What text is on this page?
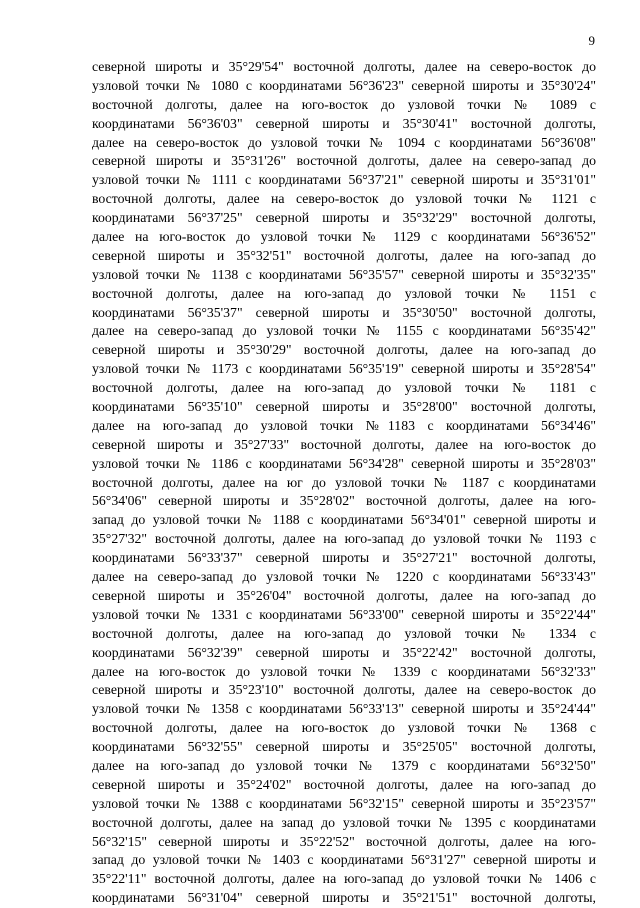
9
северной широты и 35°29'54" восточной долготы, далее на северо-восток до
узловой точки № 1080 с координатами 56°36'23" северной широты и 35°30'24"
восточной долготы, далее на юго-восток до узловой точки № 1089 с
координатами 56°36'03" северной широты и 35°30'41" восточной долготы,
далее на северо-восток до узловой точки № 1094 с координатами 56°36'08"
северной широты и 35°31'26" восточной долготы, далее на северо-запад до
узловой точки № 1111 с координатами 56°37'21" северной широты и 35°31'01"
восточной долготы, далее на северо-восток до узловой точки № 1121 с
координатами 56°37'25" северной широты и 35°32'29" восточной долготы,
далее на юго-восток до узловой точки № 1129 с координатами 56°36'52"
северной широты и 35°32'51" восточной долготы, далее на юго-запад до
узловой точки № 1138 с координатами 56°35'57" северной широты и 35°32'35"
восточной долготы, далее на юго-запад до узловой точки № 1151 с
координатами 56°35'37" северной широты и 35°30'50" восточной долготы,
далее на северо-запад до узловой точки № 1155 с координатами 56°35'42"
северной широты и 35°30'29" восточной долготы, далее на юго-запад до
узловой точки № 1173 с координатами 56°35'19" северной широты и 35°28'54"
восточной долготы, далее на юго-запад до узловой точки № 1181 с
координатами 56°35'10" северной широты и 35°28'00" восточной долготы,
далее на юго-запад до узловой точки №1183 с координатами 56°34'46"
северной широты и 35°27'33" восточной долготы, далее на юго-восток до
узловой точки № 1186 с координатами 56°34'28" северной широты и 35°28'03"
восточной долготы, далее на юг до узловой точки № 1187 с координатами
56°34'06" северной широты и 35°28'02" восточной долготы, далее на юго-
запад до узловой точки № 1188 с координатами 56°34'01" северной широты и
35°27'32" восточной долготы, далее на юго-запад до узловой точки № 1193 с
координатами 56°33'37" северной широты и 35°27'21" восточной долготы,
далее на северо-запад до узловой точки № 1220 с координатами 56°33'43"
северной широты и 35°26'04" восточной долготы, далее на юго-запад до
узловой точки № 1331 с координатами 56°33'00" северной широты и 35°22'44"
восточной долготы, далее на юго-запад до узловой точки № 1334 с
координатами 56°32'39" северной широты и 35°22'42" восточной долготы,
далее на юго-восток до узловой точки № 1339 с координатами 56°32'33"
северной широты и 35°23'10" восточной долготы, далее на северо-восток до
узловой точки № 1358 с координатами 56°33'13" северной широты и 35°24'44"
восточной долготы, далее на юго-восток до узловой точки № 1368 с
координатами 56°32'55" северной широты и 35°25'05" восточной долготы,
далее на юго-запад до узловой точки № 1379 с координатами 56°32'50"
северной широты и 35°24'02" восточной долготы, далее на юго-запад до
узловой точки № 1388 с координатами 56°32'15" северной широты и 35°23'57"
восточной долготы, далее на запад до узловой точки № 1395 с координатами
56°32'15" северной широты и 35°22'52" восточной долготы, далее на юго-
запад до узловой точки № 1403 с координатами 56°31'27" северной широты и
35°22'11" восточной долготы, далее на юго-запад до узловой точки № 1406 с
координатами 56°31'04" северной широты и 35°21'51" восточной долготы,
